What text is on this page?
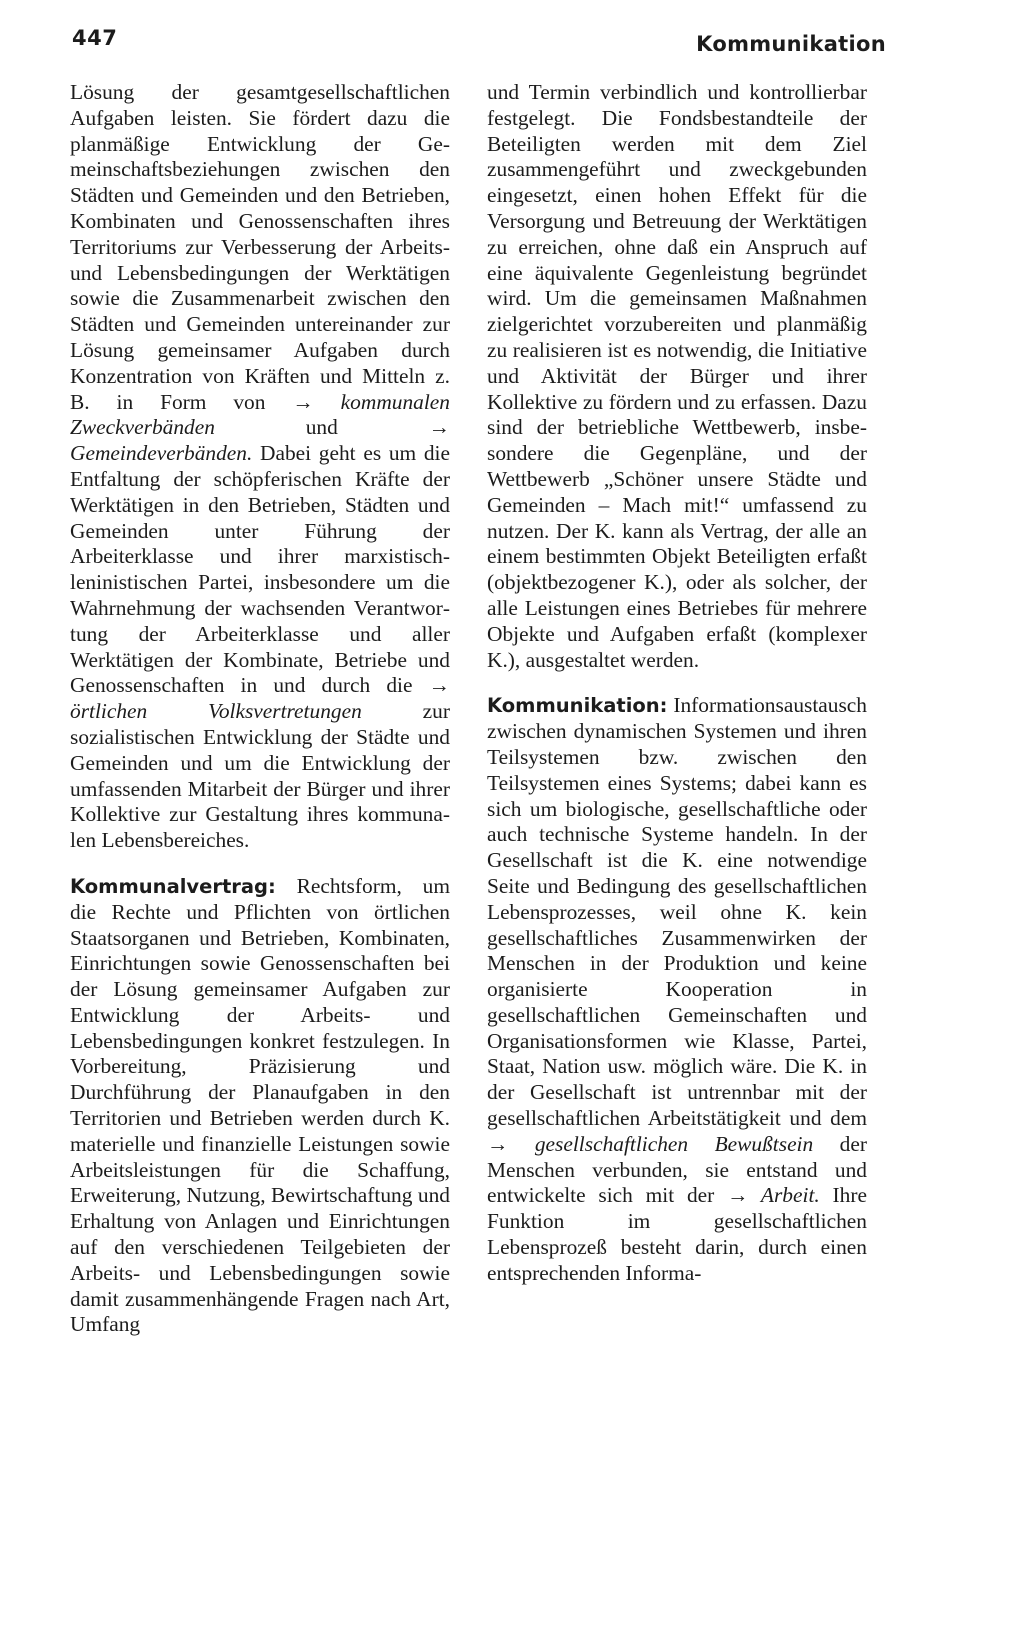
447	Kommunikation

Lösung der gesamtgesellschaftlichen Aufgaben leisten. Sie fördert dazu die planmäßige Entwicklung der Gemeinschaftsbeziehungen zwischen den Städten und Gemeinden und den Betrieben, Kombinaten und Genossenschaften ihres Territoriums zur Verbesserung der Arbeits- und Lebensbedingungen der Werktätigen sowie die Zusammenarbeit zwischen den Städten und Gemeinden untereinander zur Lösung gemeinsamer Aufgaben durch Konzentration von Kräften und Mitteln z. B. in Form von → kommunalen Zweckverbänden und → Gemeindeverbänden. Dabei geht es um die Entfaltung der schöpferischen Kräfte der Werktätigen in den Betrieben, Städten und Gemeinden unter Führung der Arbeiterklasse und ihrer marxistisch-leninistischen Partei, insbesondere um die Wahrnehmung der wachsenden Verantwortung der Arbeiterklasse und aller Werktätigen der Kombinate, Betriebe und Genossenschaften in und durch die → örtlichen Volksvertretungen zur sozialistischen Entwicklung der Städte und Gemeinden und um die Entwicklung der umfassenden Mitarbeit der Bürger und ihrer Kollektive zur Gestaltung ihres kommunalen Lebensbereiches.

Kommunalvertrag: Rechtsform, um die Rechte und Pflichten von örtlichen Staatsorganen und Betrieben, Kombinaten, Einrichtungen sowie Genossenschaften bei der Lösung gemeinsamer Aufgaben zur Entwicklung der Arbeits- und Lebensbedingungen konkret festzulegen. In Vorbereitung, Präzisierung und Durchführung der Planaufgaben in den Territorien und Betrieben werden durch K. materielle und finanzielle Leistungen sowie Arbeitsleistungen für die Schaffung, Erweiterung, Nutzung, Bewirtschaftung und Erhaltung von Anlagen und Einrichtungen auf den verschiedenen Teilgebieten der Arbeits- und Lebensbedingungen sowie damit zusammenhängende Fragen nach Art, Umfang

und Termin verbindlich und kontrollierbar festgelegt. Die Fondsbestandteile der Beteiligten werden mit dem Ziel zusammengeführt und zweckgebunden eingesetzt, einen hohen Effekt für die Versorgung und Betreuung der Werktätigen zu erreichen, ohne daß ein Anspruch auf eine äquivalente Gegenleistung begründet wird. Um die gemeinsamen Maßnahmen zielgerichtet vorzubereiten und planmäßig zu realisieren ist es notwendig, die Initiative und Aktivität der Bürger und ihrer Kollektive zu fördern und zu erfassen. Dazu sind der betriebliche Wettbewerb, insbesondere die Gegenpläne, und der Wettbewerb „Schöner unsere Städte und Gemeinden – Mach mit!“ umfassend zu nutzen. Der K. kann als Vertrag, der alle an einem bestimmten Objekt Beteiligten erfaßt (objektbezogener K.), oder als solcher, der alle Leistungen eines Betriebes für mehrere Objekte und Aufgaben erfaßt (komplexer K.), ausgestaltet werden.

Kommunikation: Informationsaustausch zwischen dynamischen Systemen und ihren Teilsystemen bzw. zwischen den Teilsystemen eines Systems; dabei kann es sich um biologische, gesellschaftliche oder auch technische Systeme handeln. In der Gesellschaft ist die K. eine notwendige Seite und Bedingung des gesellschaftlichen Lebensprozesses, weil ohne K. kein gesellschaftliches Zusammenwirken der Menschen in der Produktion und keine organisierte Kooperation in gesellschaftlichen Gemeinschaften und Organisationsformen wie Klasse, Partei, Staat, Nation usw. möglich wäre. Die K. in der Gesellschaft ist untrennbar mit der gesellschaftlichen Arbeitstätigkeit und dem → gesellschaftlichen Bewußtsein der Menschen verbunden, sie entstand und entwickelte sich mit der → Arbeit. Ihre Funktion im gesellschaftlichen Lebensprozeß besteht darin, durch einen entsprechenden Informa-
